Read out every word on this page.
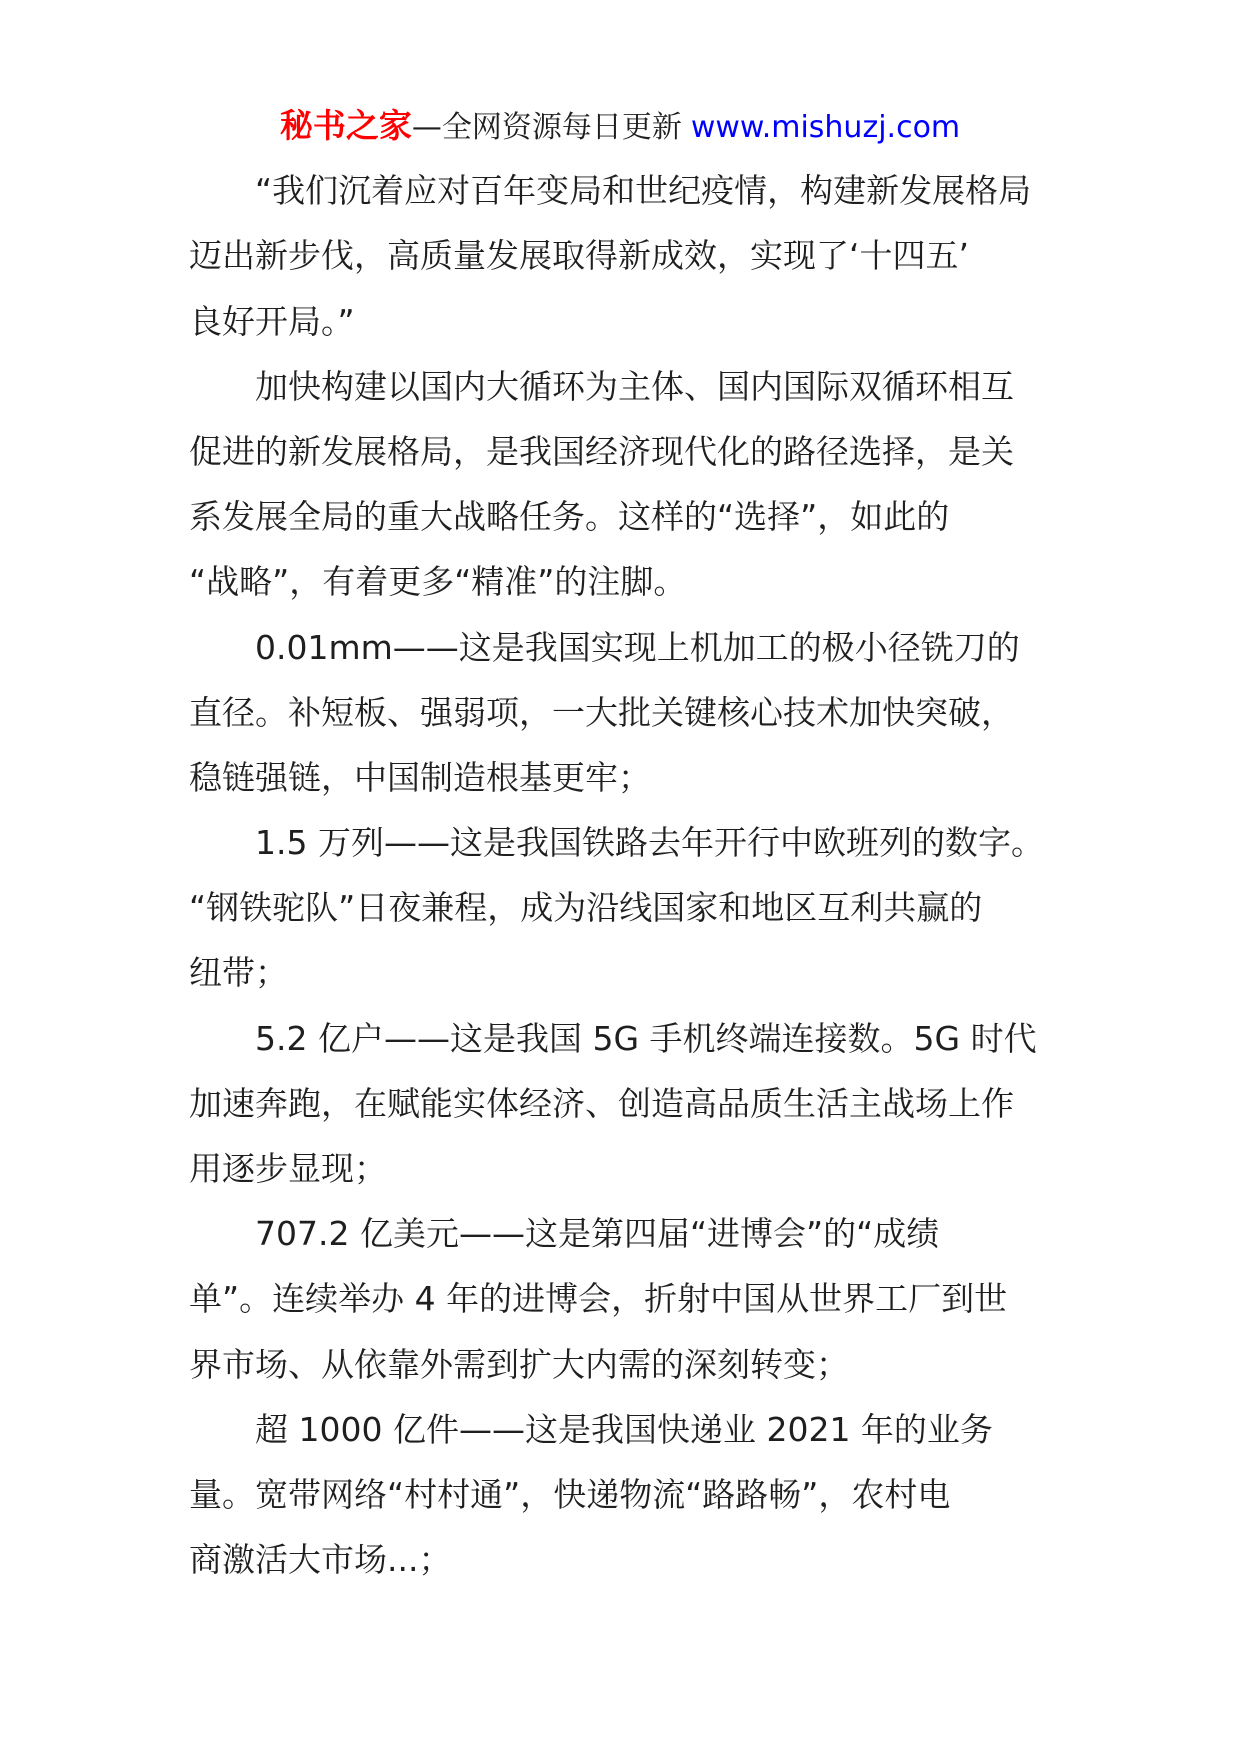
秘书之家—全网资源每日更新 www.mishuzj.com
“我们沉着应对百年变局和世纪疫情，构建新发展格局
迈出新步伐，高质量发展取得新成效，实现了‘十四五’
良好开局。”
加快构建以国内大循环为主体、国内国际双循环相互
促进的新发展格局，是我国经济现代化的路径选择，是关
系发展全局的重大战略任务。这样的“选择”，如此的
“战略”，有着更多“精准”的注脚。
0.01mm——这是我国实现上机加工的极小径铣刀的
直径。补短板、强弱项，一大批关键核心技术加快突破，
稳链强链，中国制造根基更牢；
1.5 万列——这是我国铁路去年开行中欧班列的数字。
“钢铁驼队”日夜兼程，成为沿线国家和地区互利共赢的
纽带；
5.2 亿户——这是我国 5G 手机终端连接数。5G 时代
加速奔跑，在赋能实体经济、创造高品质生活主战场上作
用逐步显现；
707.2 亿美元——这是第四届“进博会”的“成绩
单”。连续举办 4 年的进博会，折射中国从世界工厂到世
界市场、从依靠外需到扩大内需的深刻转变；
超 1000 亿件——这是我国快递业 2021 年的业务
量。宽带网络“村村通”，快递物流“路路畅”，农村电
商激活大市场...；
